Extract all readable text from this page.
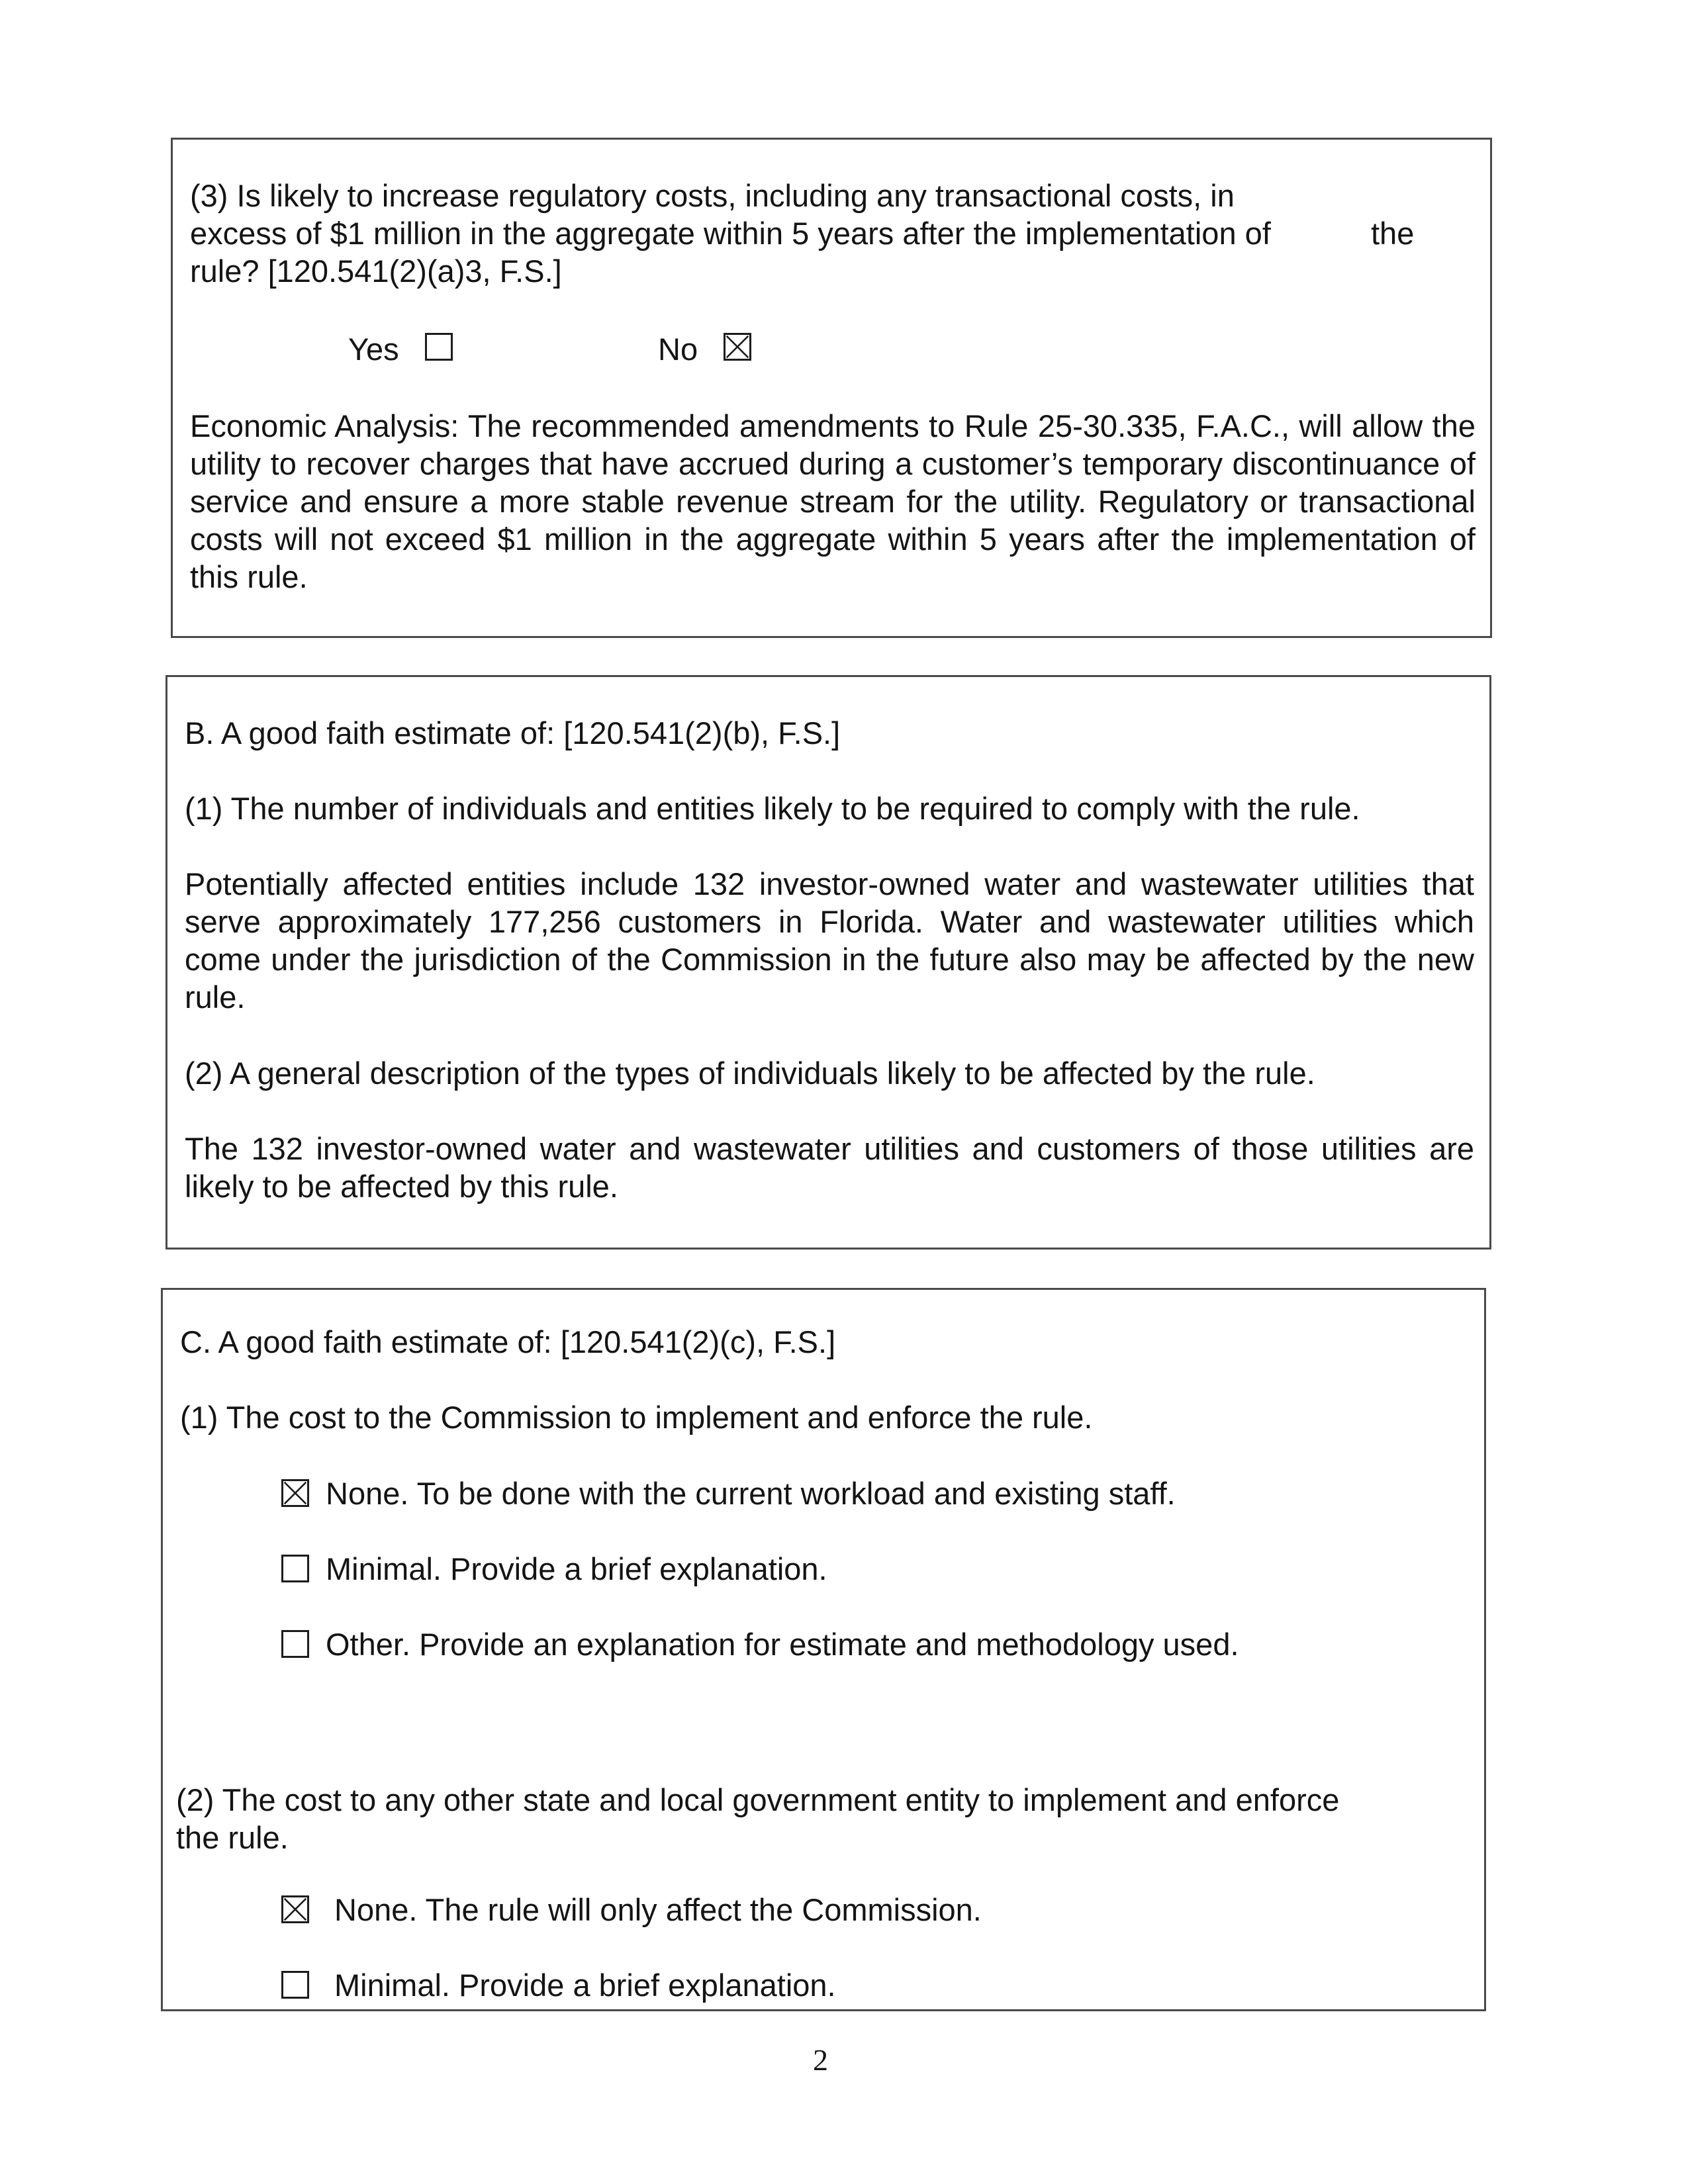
(3) Is likely to increase regulatory costs, including any transactional costs, in
excess of $1 million in the aggregate within 5 years after the implementation of	the
rule? [120.541(2)(a)3, F.S.]
Yes	No
Economic Analysis: The recommended amendments to Rule 25-30.335, F.A.C., will allow the utility to recover charges that have accrued during a customer’s temporary discontinuance of service and ensure a more stable revenue stream for the utility. Regulatory or transactional costs will not exceed $1 million in the aggregate within 5 years after the implementation of this rule.
B. A good faith estimate of: [120.541(2)(b), F.S.]
(1) The number of individuals and entities likely to be required to comply with the rule.
Potentially affected entities include 132 investor-owned water and wastewater utilities that serve approximately 177,256 customers in Florida. Water and wastewater utilities which come under the jurisdiction of the Commission in the future also may be affected by the new rule.
(2) A general description of the types of individuals likely to be affected by the rule.
The 132 investor-owned water and wastewater utilities and customers of those utilities are likely to be affected by this rule.
C. A good faith estimate of: [120.541(2)(c), F.S.]
(1) The cost to the Commission to implement and enforce the rule.
None. To be done with the current workload and existing staff.
Minimal. Provide a brief explanation.
Other. Provide an explanation for estimate and methodology used.
(2) The cost to any other state and local government entity to implement and enforce
the rule.
None. The rule will only affect the Commission.
Minimal. Provide a brief explanation.
2
